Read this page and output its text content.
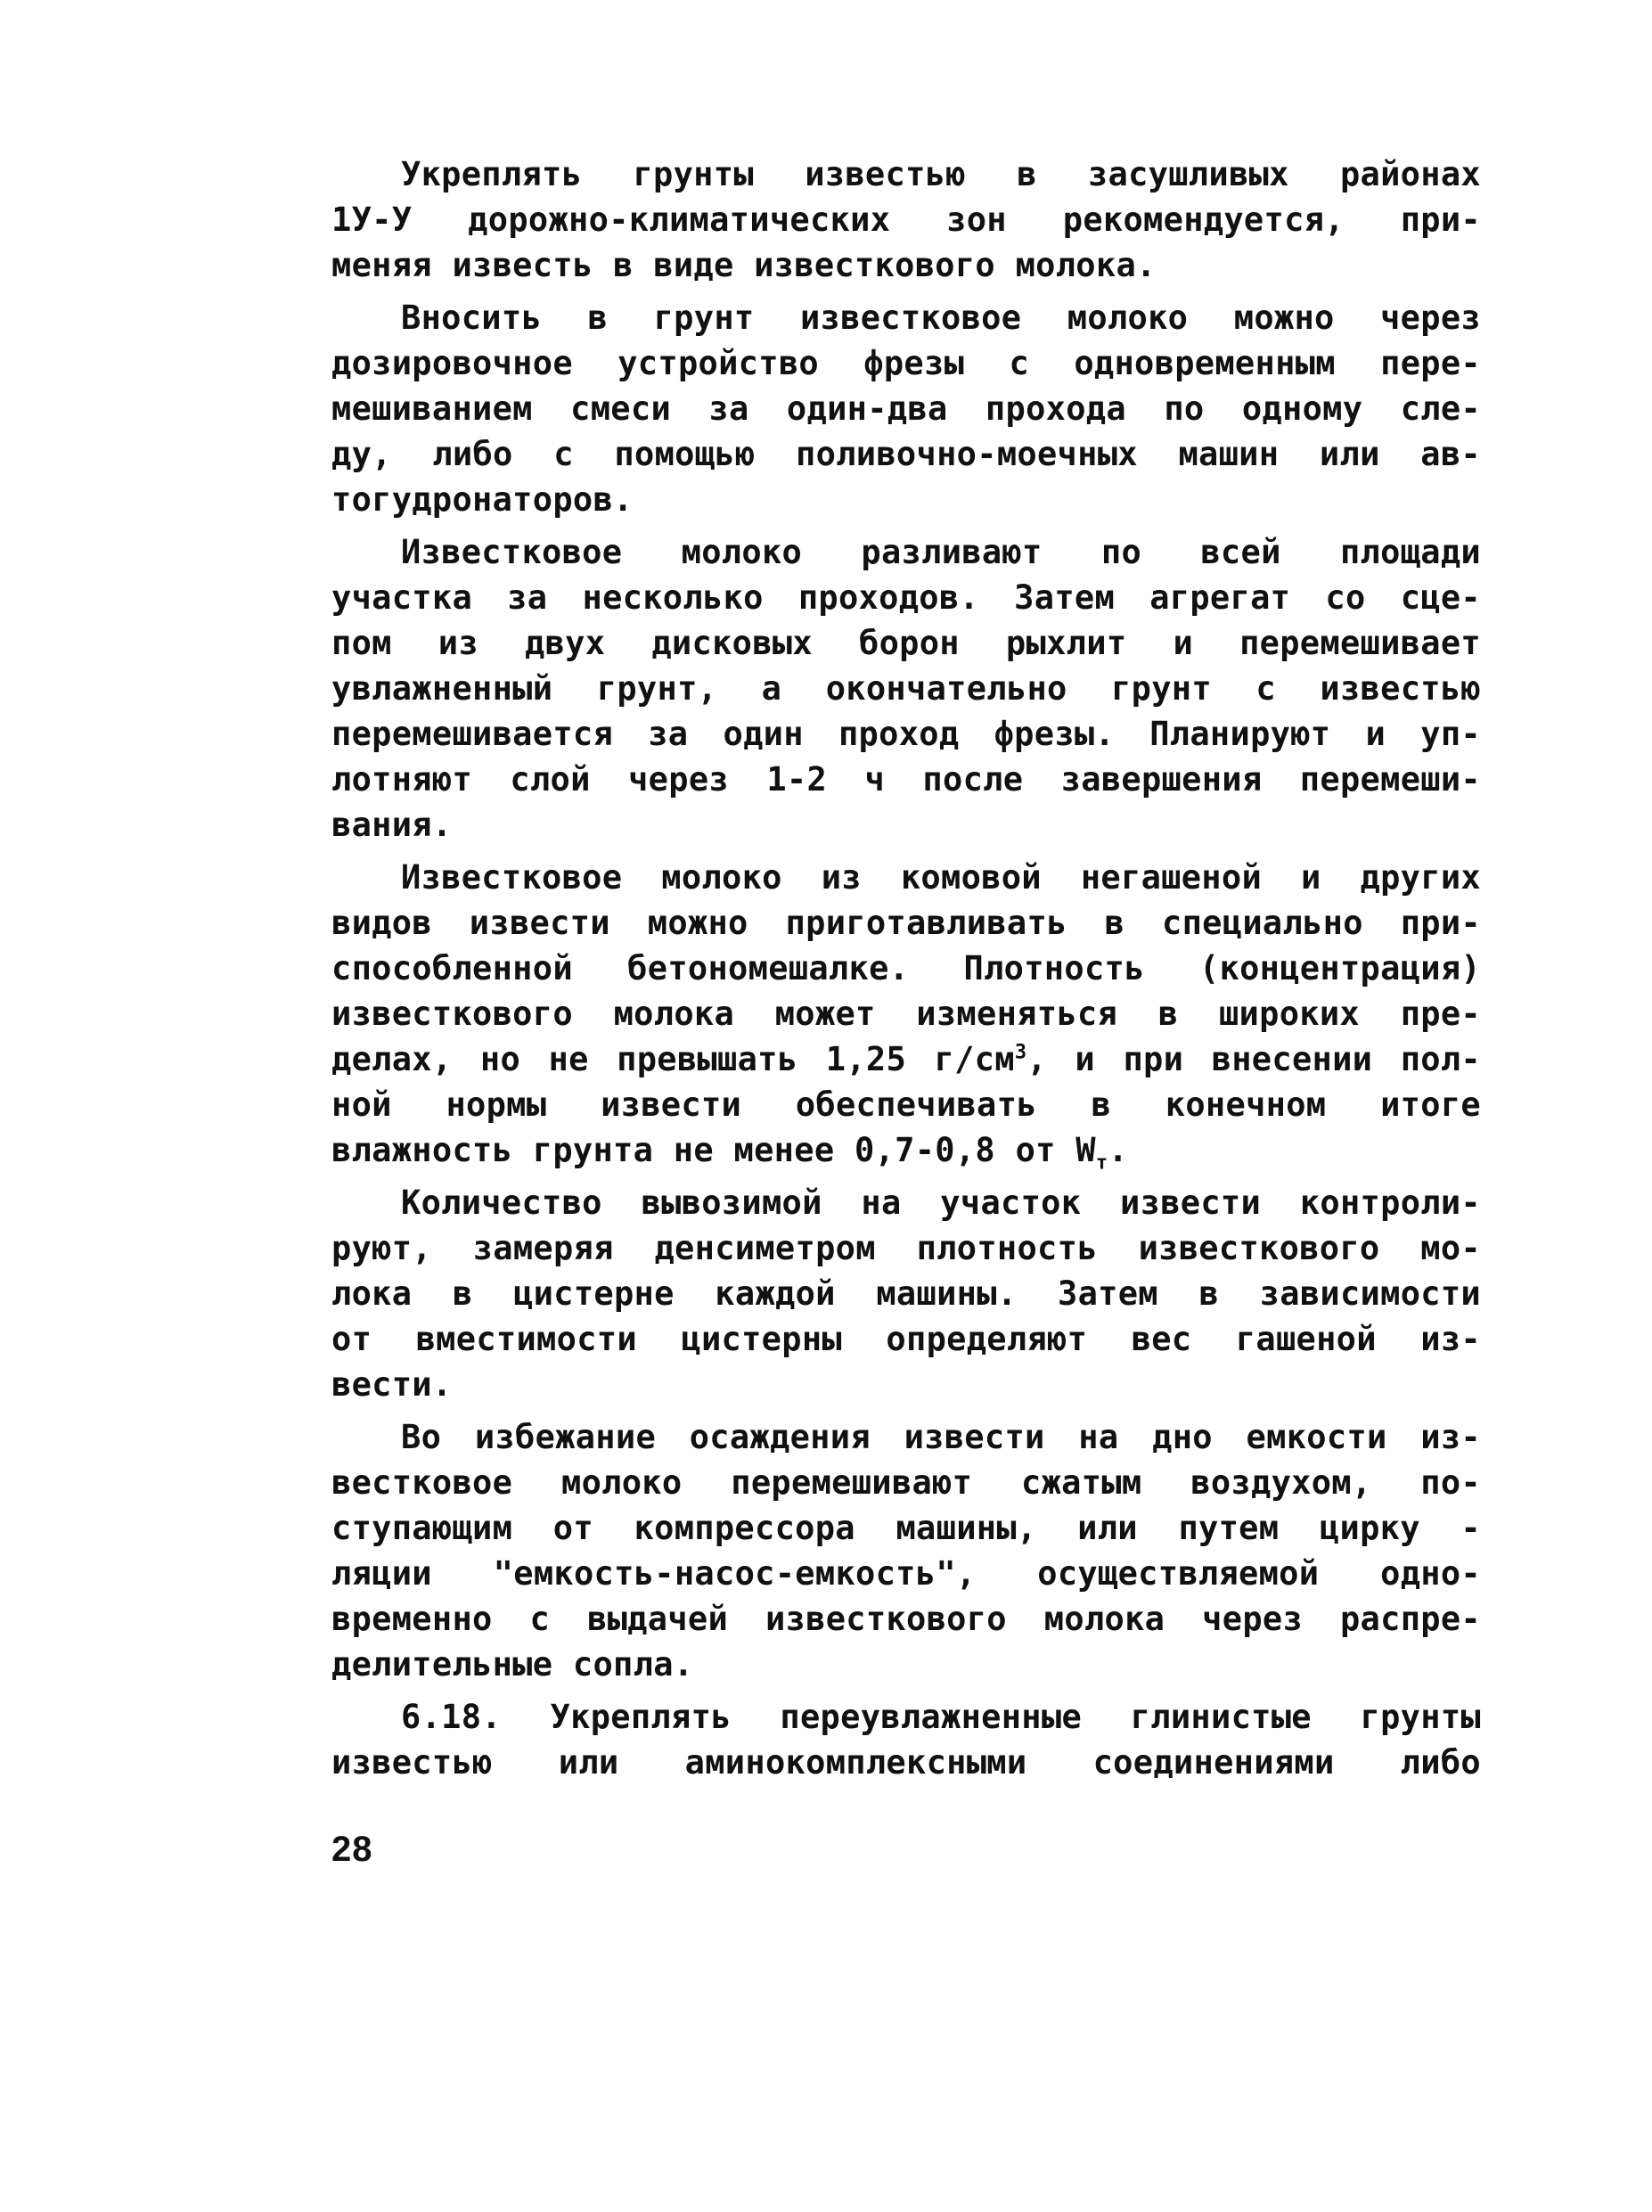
Укреплять грунты известью в засушливых районах
1У-У дорожно-климатических зон рекомендуется, при-
меняя известь в виде известкового молока.

Вносить в грунт известковое молоко можно через
дозировочное устройство фрезы с одновременным пере-
мешиванием смеси за один-два прохода по одному сле-
ду, либо с помощью поливочно-моечных машин или ав-
тогудронаторов.

Известковое молоко разливают по всей площади
участка за несколько проходов. Затем агрегат со сце-
пом из двух дисковых борон рыхлит и перемешивает
увлажненный грунт, а окончательно грунт с известью
перемешивается за один проход фрезы. Планируют и уп-
лотняют слой через 1-2 ч после завершения перемеши-
вания.

Известковое молоко из комовой негашеной и других
видов извести можно приготавливать в специально при-
способленной бетономешалке. Плотность (концентрация)
известкового молока может изменяться в широких пре-
делах, но не превышать 1,25 $г/см^3$, и при внесении пол-
ной нормы извести обеспечивать в конечном итоге
влажность грунта не менее 0,7-0,8 от $W_т$.

Количество вывозимой на участок извести контроли-
руют, замеряя денсиметром плотность известкового мо-
лока в цистерне каждой машины. Затем в зависимости
от вместимости цистерны определяют вес гашеной из-
вести.

Во избежание осаждения извести на дно емкости из-
вестковое молоко перемешивают сжатым воздухом, по-
ступающим от компрессора машины, или путем цирку -
ляции "емкость-насос-емкость", осуществляемой одно-
временно с выдачей известкового молока через распре-
делительные сопла.

6.18. Укреплять переувлажненные глинистые грунты
известью или аминокомплексными соединениями либо

28
